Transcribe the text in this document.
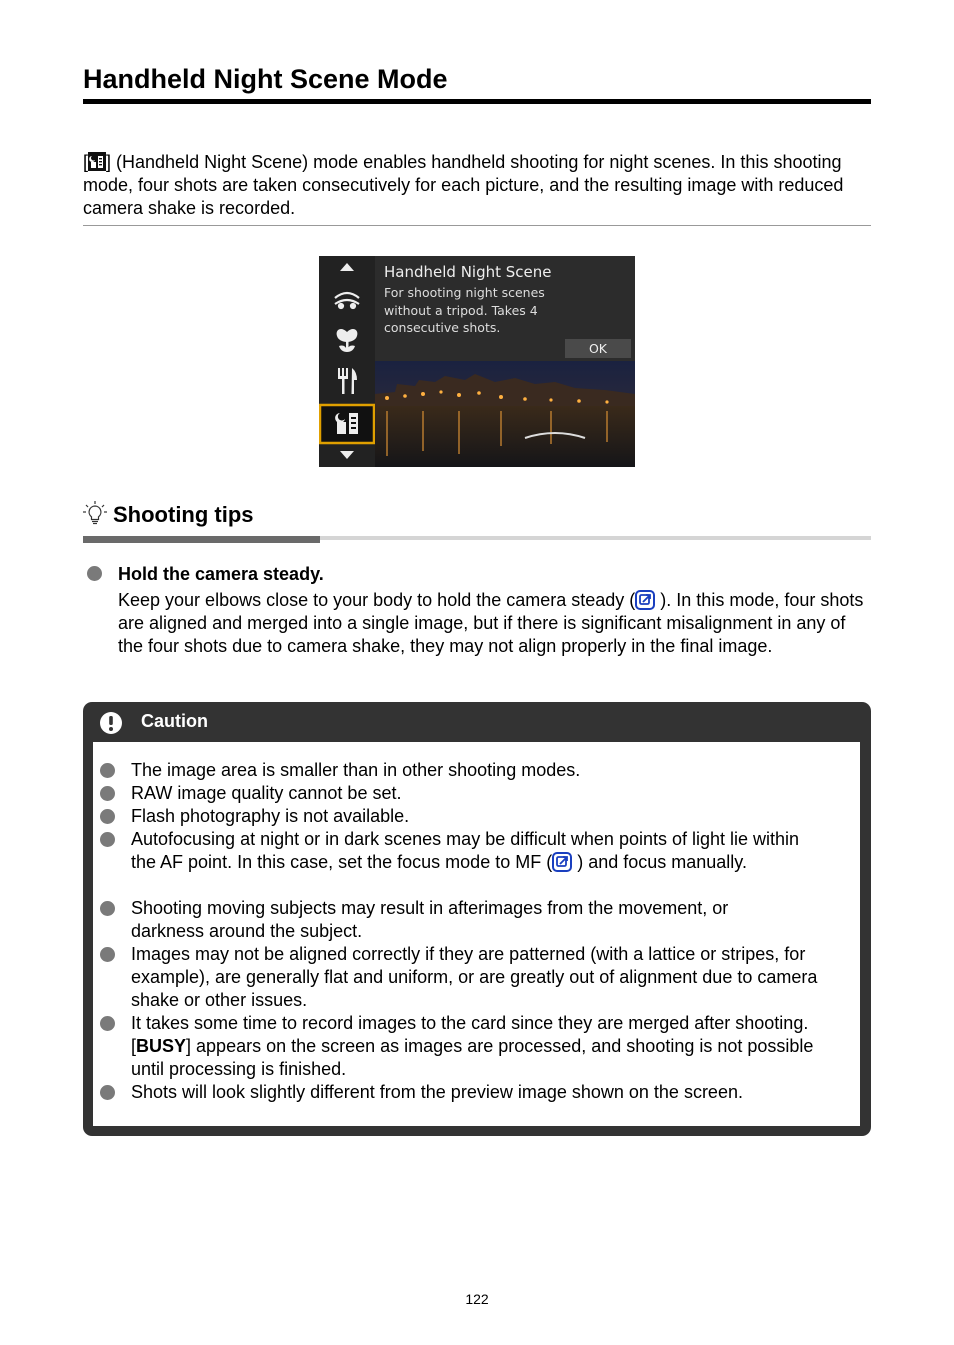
Handheld Night Scene Mode

[ ] (Handheld Night Scene) mode enables handheld shooting for night scenes. In this shooting mode, four shots are taken consecutively for each picture, and the resulting image with reduced camera shake is recorded.

Handheld Night Scene
For shooting night scenes without a tripod. Takes 4 consecutive shots.
OK
Shooting tips

Hold the camera steady.

Keep your elbows close to your body to hold the camera steady ( ). In this mode, four shots are aligned and merged into a single image, but if there is significant misalignment in any of the four shots due to camera shake, they may not align properly in the final image.

Caution

The image area is smaller than in other shooting modes.

RAW image quality cannot be set.

Flash photography is not available.

Autofocusing at night or in dark scenes may be difficult when points of light lie within the AF point. In this case, set the focus mode to MF ( ) and focus manually.

Shooting moving subjects may result in afterimages from the movement, or darkness around the subject.

Images may not be aligned correctly if they are patterned (with a lattice or stripes, for example), are generally flat and uniform, or are greatly out of alignment due to camera shake or other issues.

It takes some time to record images to the card since they are merged after shooting. [BUSY] appears on the screen as images are processed, and shooting is not possible until processing is finished.

Shots will look slightly different from the preview image shown on the screen.

122
